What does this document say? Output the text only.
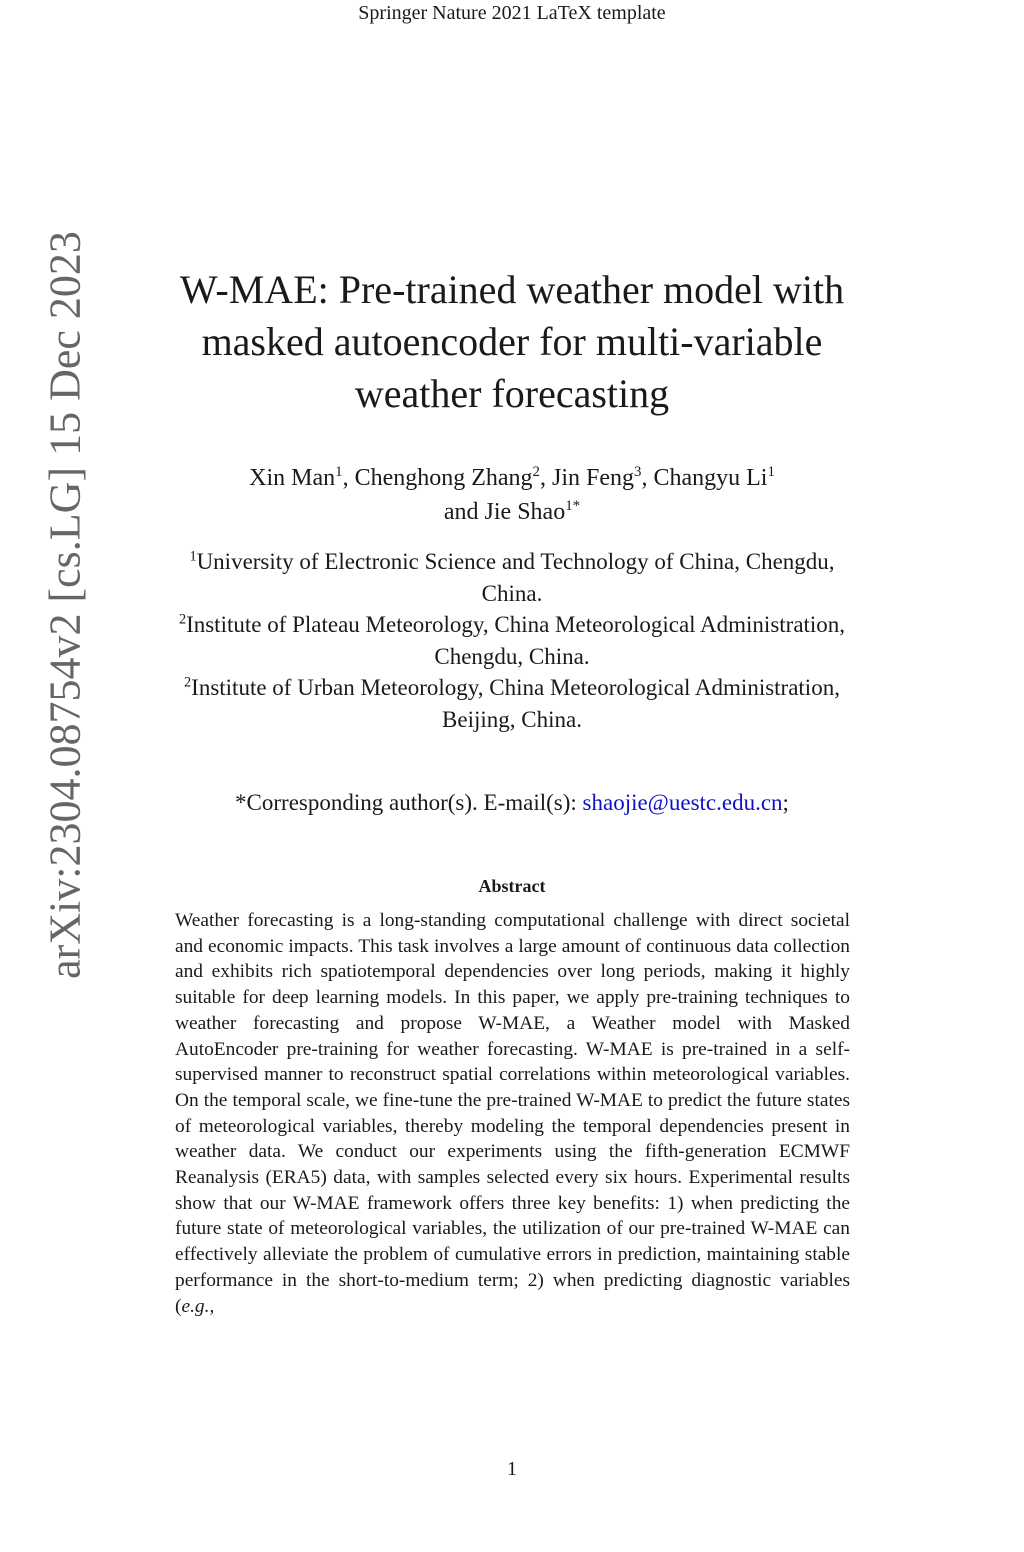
Springer Nature 2021 LaTeX template
arXiv:2304.08754v2 [cs.LG] 15 Dec 2023	W-MAE: Pre-trained weather model with masked autoencoder for multi-variable weather forecasting
Xin Man$^1$, Chenghong Zhang$^2$, Jin Feng$^3$, Changyu Li$^1$
and Jie Shao$^{1*}$
$^1$University of Electronic Science and Technology of China, Chengdu, China.
$^2$Institute of Plateau Meteorology, China Meteorological Administration, Chengdu, China.
$^2$Institute of Urban Meteorology, China Meteorological Administration, Beijing, China.
*Corresponding author(s). E-mail(s): shaojie@uestc.edu.cn;
Abstract

Weather forecasting is a long-standing computational challenge with direct societal and economic impacts. This task involves a large amount of continuous data collection and exhibits rich spatiotemporal dependencies over long periods, making it highly suitable for deep learning models. In this paper, we apply pre-training techniques to weather forecasting and propose W-MAE, a Weather model with Masked AutoEncoder pre-training for weather forecasting. W-MAE is pre-trained in a self-supervised manner to reconstruct spatial correlations within meteorological variables. On the temporal scale, we fine-tune the pre-trained W-MAE to predict the future states of meteorological variables, thereby modeling the temporal dependencies present in weather data. We conduct our experiments using the fifth-generation ECMWF Reanalysis (ERA5) data, with samples selected every six hours. Experimental results show that our W-MAE framework offers three key benefits: 1) when predicting the future state of meteorological variables, the utilization of our pre-trained W-MAE can effectively alleviate the problem of cumulative errors in prediction, maintaining stable performance in the short-to-medium term; 2) when predicting diagnostic variables (e.g.,

1
